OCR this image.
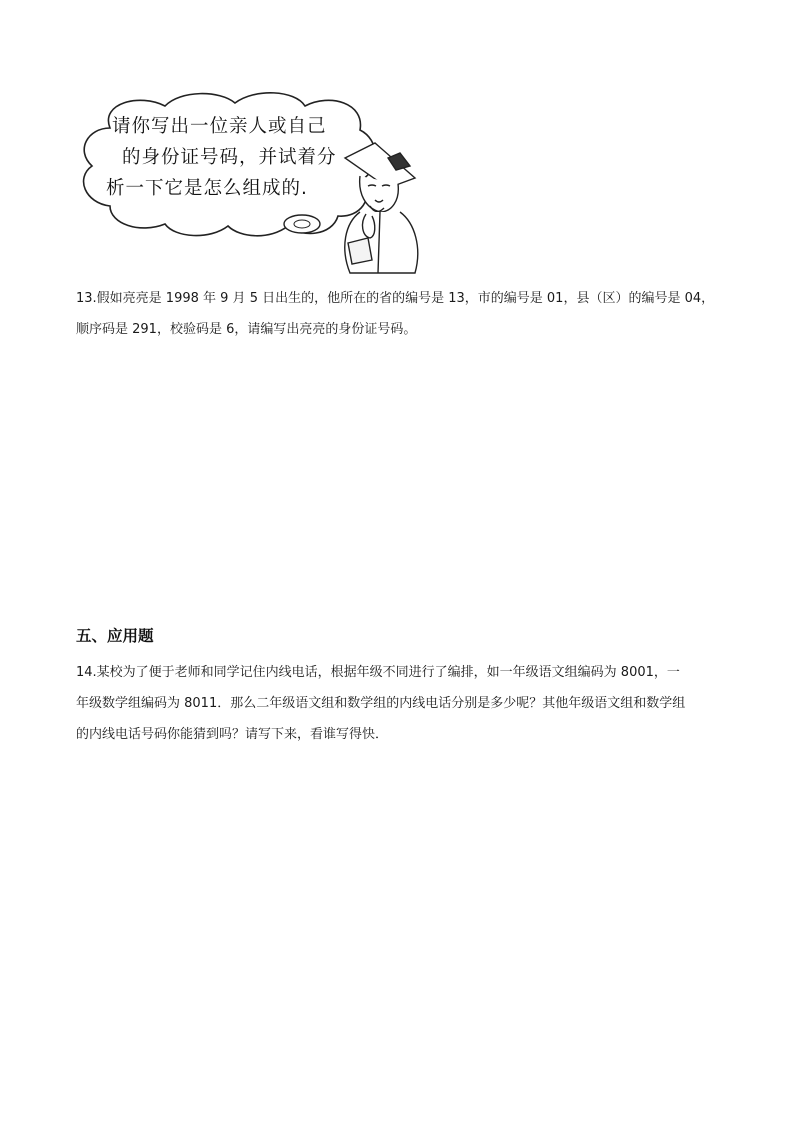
请你写出一位亲人或自己
的身份证号码，并试着分
析一下它是怎么组成的.
13.假如亮亮是 1998 年 9 月 5 日出生的，他所在的省的编号是 13，市的编号是 01，县（区）的编号是 04，
顺序码是 291，校验码是 6，请编写出亮亮的身份证号码。
五、应用题
14.某校为了便于老师和同学记住内线电话，根据年级不同进行了编排，如一年级语文组编码为 8001，一
年级数学组编码为 8011．那么二年级语文组和数学组的内线电话分别是多少呢？其他年级语文组和数学组
的内线电话号码你能猜到吗？请写下来，看谁写得快．
